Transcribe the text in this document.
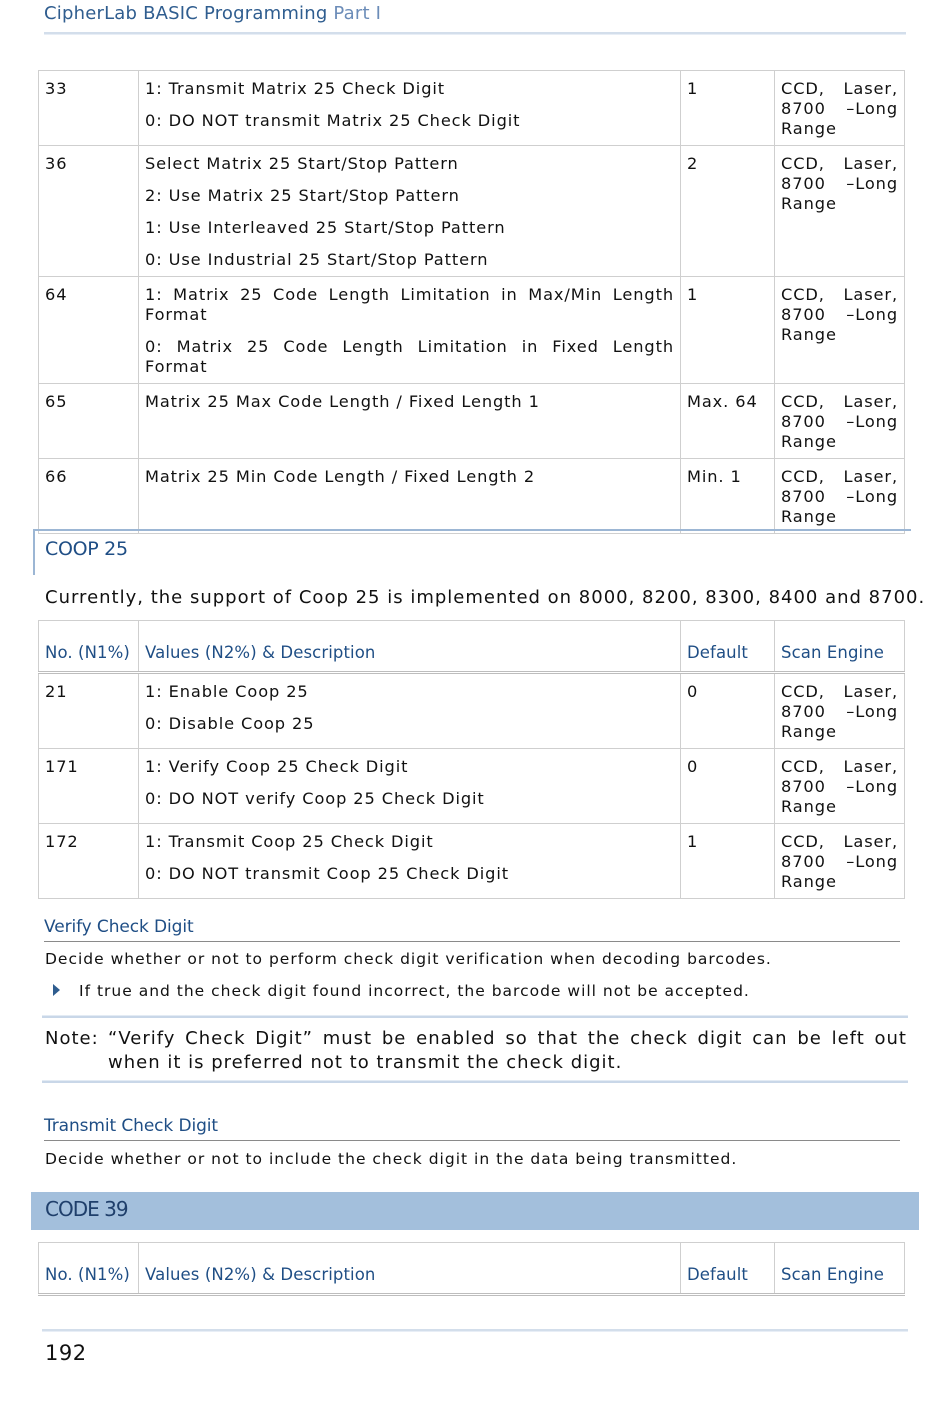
CipherLab BASIC Programming Part I
33	1: Transmit Matrix 25 Check Digit
0: DO NOT transmit Matrix 25 Check Digit	1	CCD, Laser,
8700 –Long
Range

36	Select Matrix 25 Start/Stop Pattern
2: Use Matrix 25 Start/Stop Pattern
1: Use Interleaved 25 Start/Stop Pattern
0: Use Industrial 25 Start/Stop Pattern	2	CCD, Laser,
8700 –Long
Range

64	1: Matrix 25 Code Length Limitation in Max/Min Length Format
0: Matrix 25 Code Length Limitation in Fixed Length Format	1	CCD, Laser,
8700 –Long
Range

65	Matrix 25 Max Code Length / Fixed Length 1	Max. 64	CCD, Laser,
8700 –Long
Range

66	Matrix 25 Min Code Length / Fixed Length 2	Min. 1	CCD, Laser,
8700 –Long
Range
COOP 25
Currently, the support of Coop 25 is implemented on 8000, 8200, 8300, 8400 and 8700.
No. (N1%)	Values (N2%) & Description	Default	Scan Engine
21	1: Enable Coop 25
0: Disable Coop 25	0	CCD, Laser,
8700 –Long
Range

171	1: Verify Coop 25 Check Digit
0: DO NOT verify Coop 25 Check Digit	0	CCD, Laser,
8700 –Long
Range

172	1: Transmit Coop 25 Check Digit
0: DO NOT transmit Coop 25 Check Digit	1	CCD, Laser,
8700 –Long
Range
Verify Check Digit
Decide whether or not to perform check digit verification when decoding barcodes.
If true and the check digit found incorrect, the barcode will not be accepted.
Note: “Verify Check Digit” must be enabled so that the check digit can be left out when it is preferred not to transmit the check digit.
Transmit Check Digit
Decide whether or not to include the check digit in the data being transmitted.
CODE 39
No. (N1%)	Values (N2%) & Description	Default	Scan Engine
192
